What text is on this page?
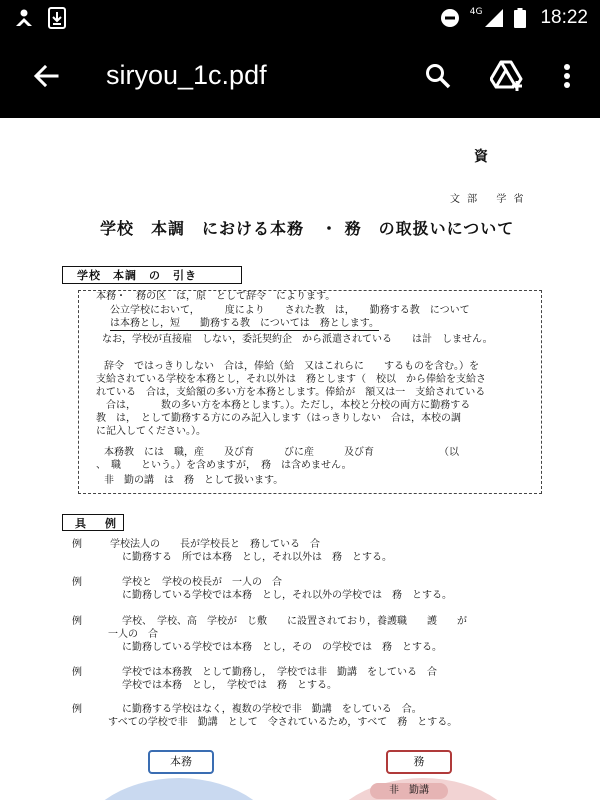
4G	18:22
siryou_1c.pdf
資
文 部　 学 省
学校　本調　における本務　・ 務　の取扱いについて
学校　本調　の　引き
本務・　務の区　は，原　として辞令　によります。
公立学校において，　　　度により　　された教　は，　　勤務する教　について
は本務とし，短　　勤務する教　については　務とします。
なお，学校が直接雇　しない，委託契約企　から派遣されている　　は計　しません。
辞令　ではっきりしない　合は，俸給（給　又はこれらに　　するものを含む。）を
支給されている学校を本務とし，それ以外は　務とします（　校以　から俸給を支給さ
れている　合は，支給額の多い方を本務とします。俸給が　額又は一　支給されている
　合は，　　　数の多い方を本務とします。）。ただし，本校と分校の両方に勤務する
教　は，　として勤務する方にのみ記入します（はっきりしない　合は，本校の調
に記入してください。）。
本務教　には　職，産　　及び育　　　びに産　　　及び育　　　　　　　（以
、　職　　という。）を含めますが，　務　は含めません。
非　勤の講　は　務　として扱います。
具　例
例	学校法人の　　長が学校長と　務している　合
に勤務する　所では本務　とし，それ以外は　務　とする。
例	学校と　学校の校長が　一人の　合
に勤務している学校では本務　とし，それ以外の学校では　務　とする。
例	学校、　学校、高　学校が　じ敷　　に設置されており，養護職　　護　　が
一人の　合
に勤務している学校では本務　とし，その　の学校では　務　とする。
例	学校では本務教　として勤務し，　学校では非　勤講　をしている　合
学校では本務　とし，　学校では　務　とする。
例	に勤務する学校はなく，複数の学校で非　勤講　をしている　合。
すべての学校で非　勤講　として　令されているため，すべて　務　とする。
本務	務
非　勤講
